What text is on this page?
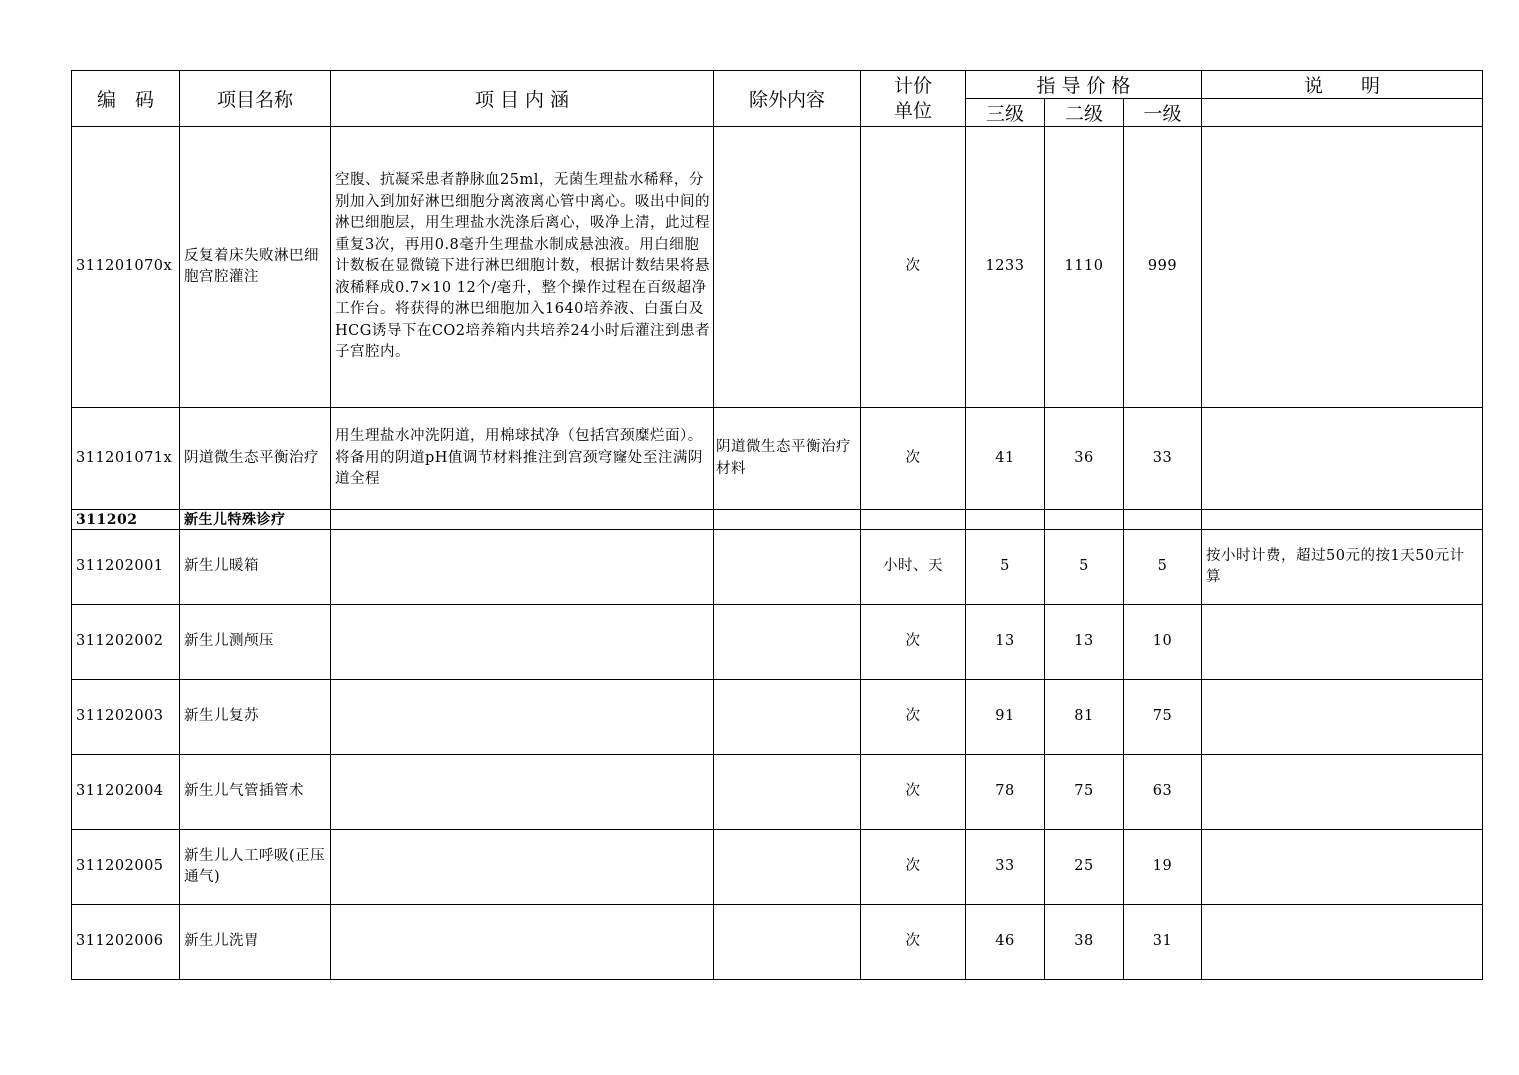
编　码	项目名称	项 目 内 涵	除外内容	计价
单位	指 导 价 格			说　　明
					三级	二级	一级	
311201070x	反复着床失败淋巴细胞宫腔灌注	空腹、抗凝采患者静脉血25ml，无菌生理盐水稀释，分别加入到加好淋巴细胞分离液离心管中离心。吸出中间的淋巴细胞层，用生理盐水洗涤后离心，吸净上清，此过程重复3次，再用0.8毫升生理盐水制成悬浊液。用白细胞计数板在显微镜下进行淋巴细胞计数，根据计数结果将悬液稀释成0.7×10 12个/毫升，整个操作过程在百级超净工作台。将获得的淋巴细胞加入1640培养液、白蛋白及HCG诱导下在CO2培养箱内共培养24小时后灌注到患者子宫腔内。		次	1233	1110	999	
311201071x	阴道微生态平衡治疗	用生理盐水冲洗阴道，用棉球拭净（包括宫颈糜烂面）。将备用的阴道pH值调节材料推注到宫颈穹窿处至注满阴道全程	阴道微生态平衡治疗材料	次	41	36	33	
311202	新生儿特殊诊疗							
311202001	新生儿暖箱			小时、天	5	5	5	按小时计费，超过50元的按1天50元计算
311202002	新生儿测颅压			次	13	13	10	
311202003	新生儿复苏			次	91	81	75	
311202004	新生儿气管插管术			次	78	75	63	
311202005	新生儿人工呼吸(正压通气)			次	33	25	19	
311202006	新生儿洗胃			次	46	38	31	
